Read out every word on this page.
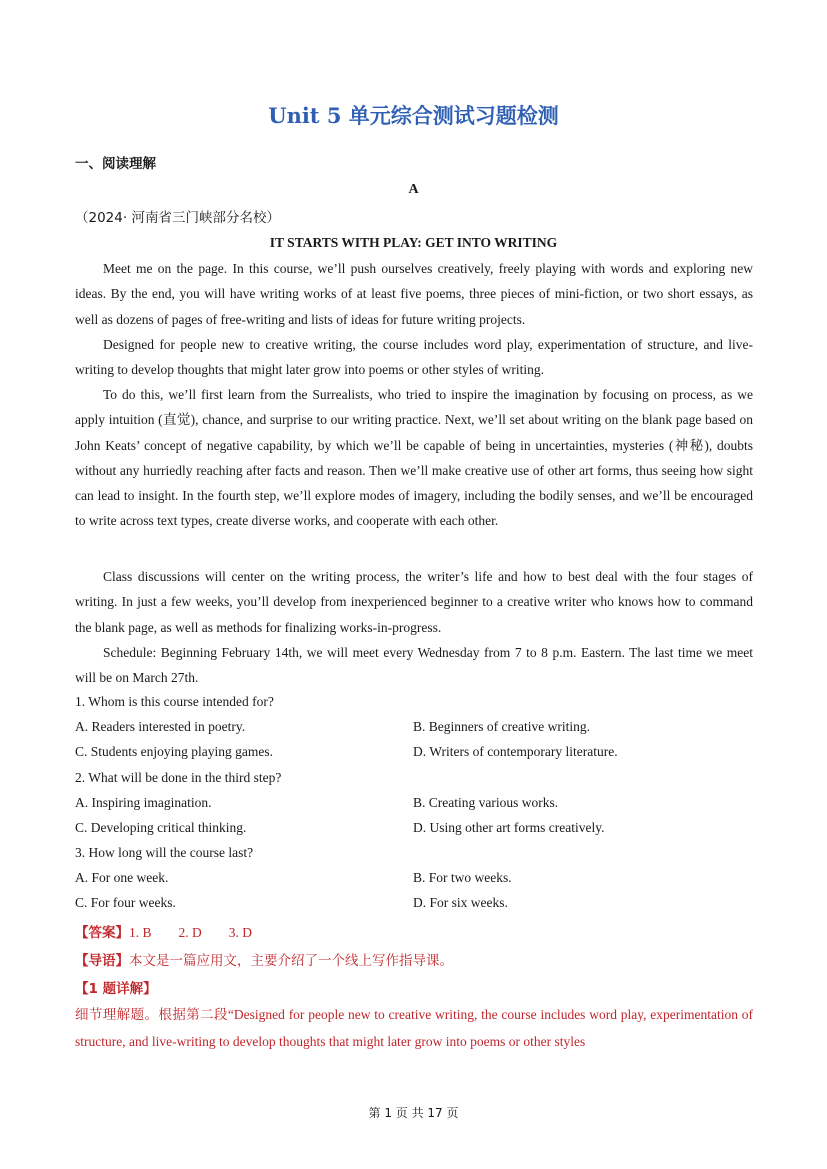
Unit 5 单元综合测试习题检测
一、阅读理解
A
（2024· 河南省三门峡部分名校）
IT STARTS WITH PLAY: GET INTO WRITING

Meet me on the page. In this course, we’ll push ourselves creatively, freely playing with words and exploring new ideas. By the end, you will have writing works of at least five poems, three pieces of mini-fiction, or two short essays, as well as dozens of pages of free-writing and lists of ideas for future writing projects.

Designed for people new to creative writing, the course includes word play, experimentation of structure, and live-writing to develop thoughts that might later grow into poems or other styles of writing.

To do this, we’ll first learn from the Surrealists, who tried to inspire the imagination by focusing on process, as we apply intuition (直觉), chance, and surprise to our writing practice. Next, we’ll set about writing on the blank page based on John Keats’ concept of negative capability, by which we’ll be capable of being in uncertainties, mysteries (神秘), doubts without any hurriedly reaching after facts and reason. Then we’ll make creative use of other art forms, thus seeing how sight can lead to insight. In the fourth step, we’ll explore modes of imagery, including the bodily senses, and we’ll be encouraged to write across text types, create diverse works, and cooperate with each other.

Class discussions will center on the writing process, the writer’s life and how to best deal with the four stages of writing. In just a few weeks, you’ll develop from inexperienced beginner to a creative writer who knows how to command the blank page, as well as methods for finalizing works-in-progress.

Schedule: Beginning February 14th, we will meet every Wednesday from 7 to 8 p.m. Eastern. The last time we meet will be on March 27th.

1. Whom is this course intended for?
A. Readers interested in poetry.	B. Beginners of creative writing.
C. Students enjoying playing games.	D. Writers of contemporary literature.
2. What will be done in the third step?
A. Inspiring imagination.	B. Creating various works.
C. Developing critical thinking.	D. Using other art forms creatively.
3. How long will the course last?
A. For one week.	B. For two weeks.
C. For four weeks.	D. For six weeks.
【答案】1. B        2. D        3. D
【导语】本文是一篇应用文，主要介绍了一个线上写作指导课。
【1 题详解】

细节理解题。根据第二段“Designed for people new to creative writing, the course includes word play, experimentation of structure, and live-writing to develop thoughts that might later grow into poems or other styles

第 1 页 共 17 页
